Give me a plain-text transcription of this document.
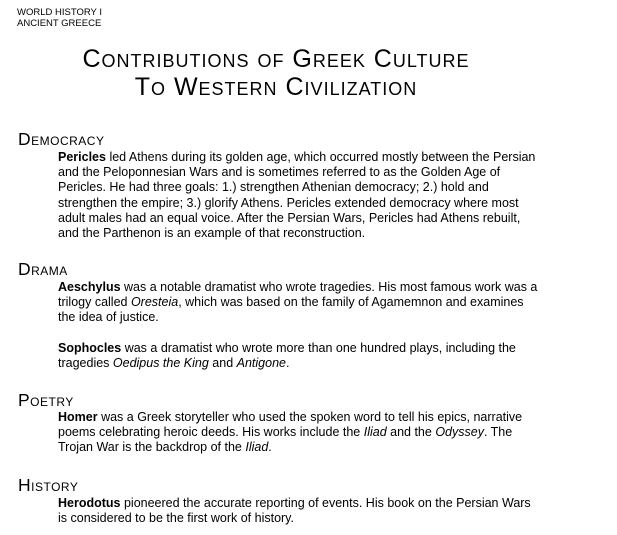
WORLD HISTORY I
ANCIENT GREECE
Contributions of Greek Culture
To Western Civilization
Democracy

Pericles led Athens during its golden age, which occurred mostly between the Persian and the Peloponnesian Wars and is sometimes referred to as the Golden Age of Pericles. He had three goals: 1.) strengthen Athenian democracy; 2.) hold and strengthen the empire; 3.) glorify Athens. Pericles extended democracy where most adult males had an equal voice. After the Persian Wars, Pericles had Athens rebuilt, and the Parthenon is an example of that reconstruction.

Drama

Aeschylus was a notable dramatist who wrote tragedies. His most famous work was a trilogy called Oresteia, which was based on the family of Agamemnon and examines the idea of justice.

Sophocles was a dramatist who wrote more than one hundred plays, including the tragedies Oedipus the King and Antigone.

Poetry

Homer was a Greek storyteller who used the spoken word to tell his epics, narrative poems celebrating heroic deeds. His works include the Iliad and the Odyssey. The Trojan War is the backdrop of the Iliad.

History

Herodotus pioneered the accurate reporting of events. His book on the Persian Wars is considered to be the first work of history.
